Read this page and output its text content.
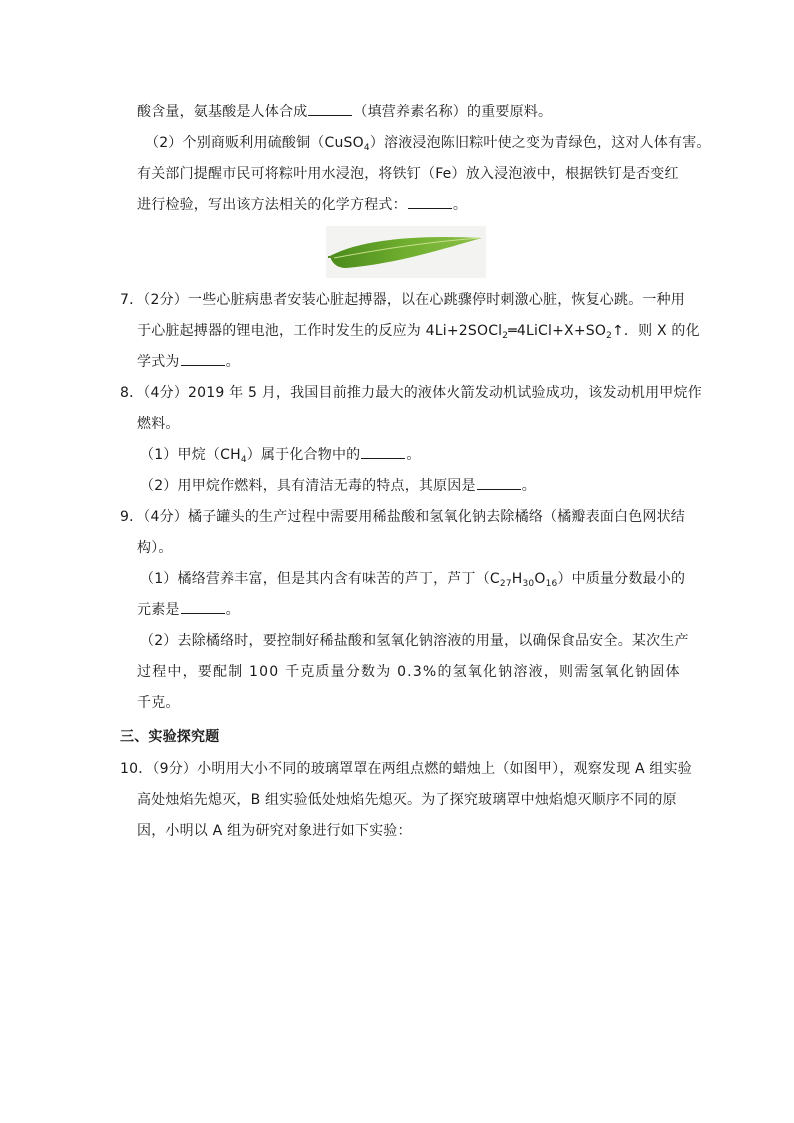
酸含量，氨基酸是人体合成	（填营养素名称）的重要原料。
（2）个别商贩利用硫酸铜（CuSO$_4$）溶液浸泡陈旧粽叶使之变为青绿色，这对人体有害。
有关部门提醒市民可将粽叶用水浸泡，将铁钉（Fe）放入浸泡液中，根据铁钉是否变红
进行检验，写出该方法相关的化学方程式：	。
7．（2分）一些心脏病患者安装心脏起搏器，以在心跳骤停时刺激心脏，恢复心跳。一种用
于心脏起搏器的锂电池，工作时发生的反应为 $4Li+2SOCl_2═4LiCl+X+SO_2↑$．则 X 的化
学式为	。
8．（4分）2019 年 5 月，我国目前推力最大的液体火箭发动机试验成功，该发动机用甲烷作
燃料。
（1）甲烷$(CH_4)$属于化合物中的	。
（2）用甲烷作燃料，具有清洁无毒的特点，其原因是	。
9．（4分）橘子罐头的生产过程中需要用稀盐酸和氢氧化钠去除橘络（橘瓣表面白色网状结
构）。
（1）橘络营养丰富，但是其内含有味苦的芦丁，芦丁$(C_{27}H_{30}O_{16})$中质量分数最小的
元素是	。
（2）去除橘络时，要控制好稀盐酸和氢氧化钠溶液的用量，以确保食品安全。某次生产
过程中，要配制 100 千克质量分数为 0.3%的氢氧化钠溶液，则需氢氧化钠固体
千克。
三、实验探究题
10．（9分）小明用大小不同的玻璃罩罩在两组点燃的蜡烛上（如图甲），观察发现 A 组实验
高处烛焰先熄灭，B 组实验低处烛焰先熄灭。为了探究玻璃罩中烛焰熄灭顺序不同的原
因，小明以 A 组为研究对象进行如下实验：
